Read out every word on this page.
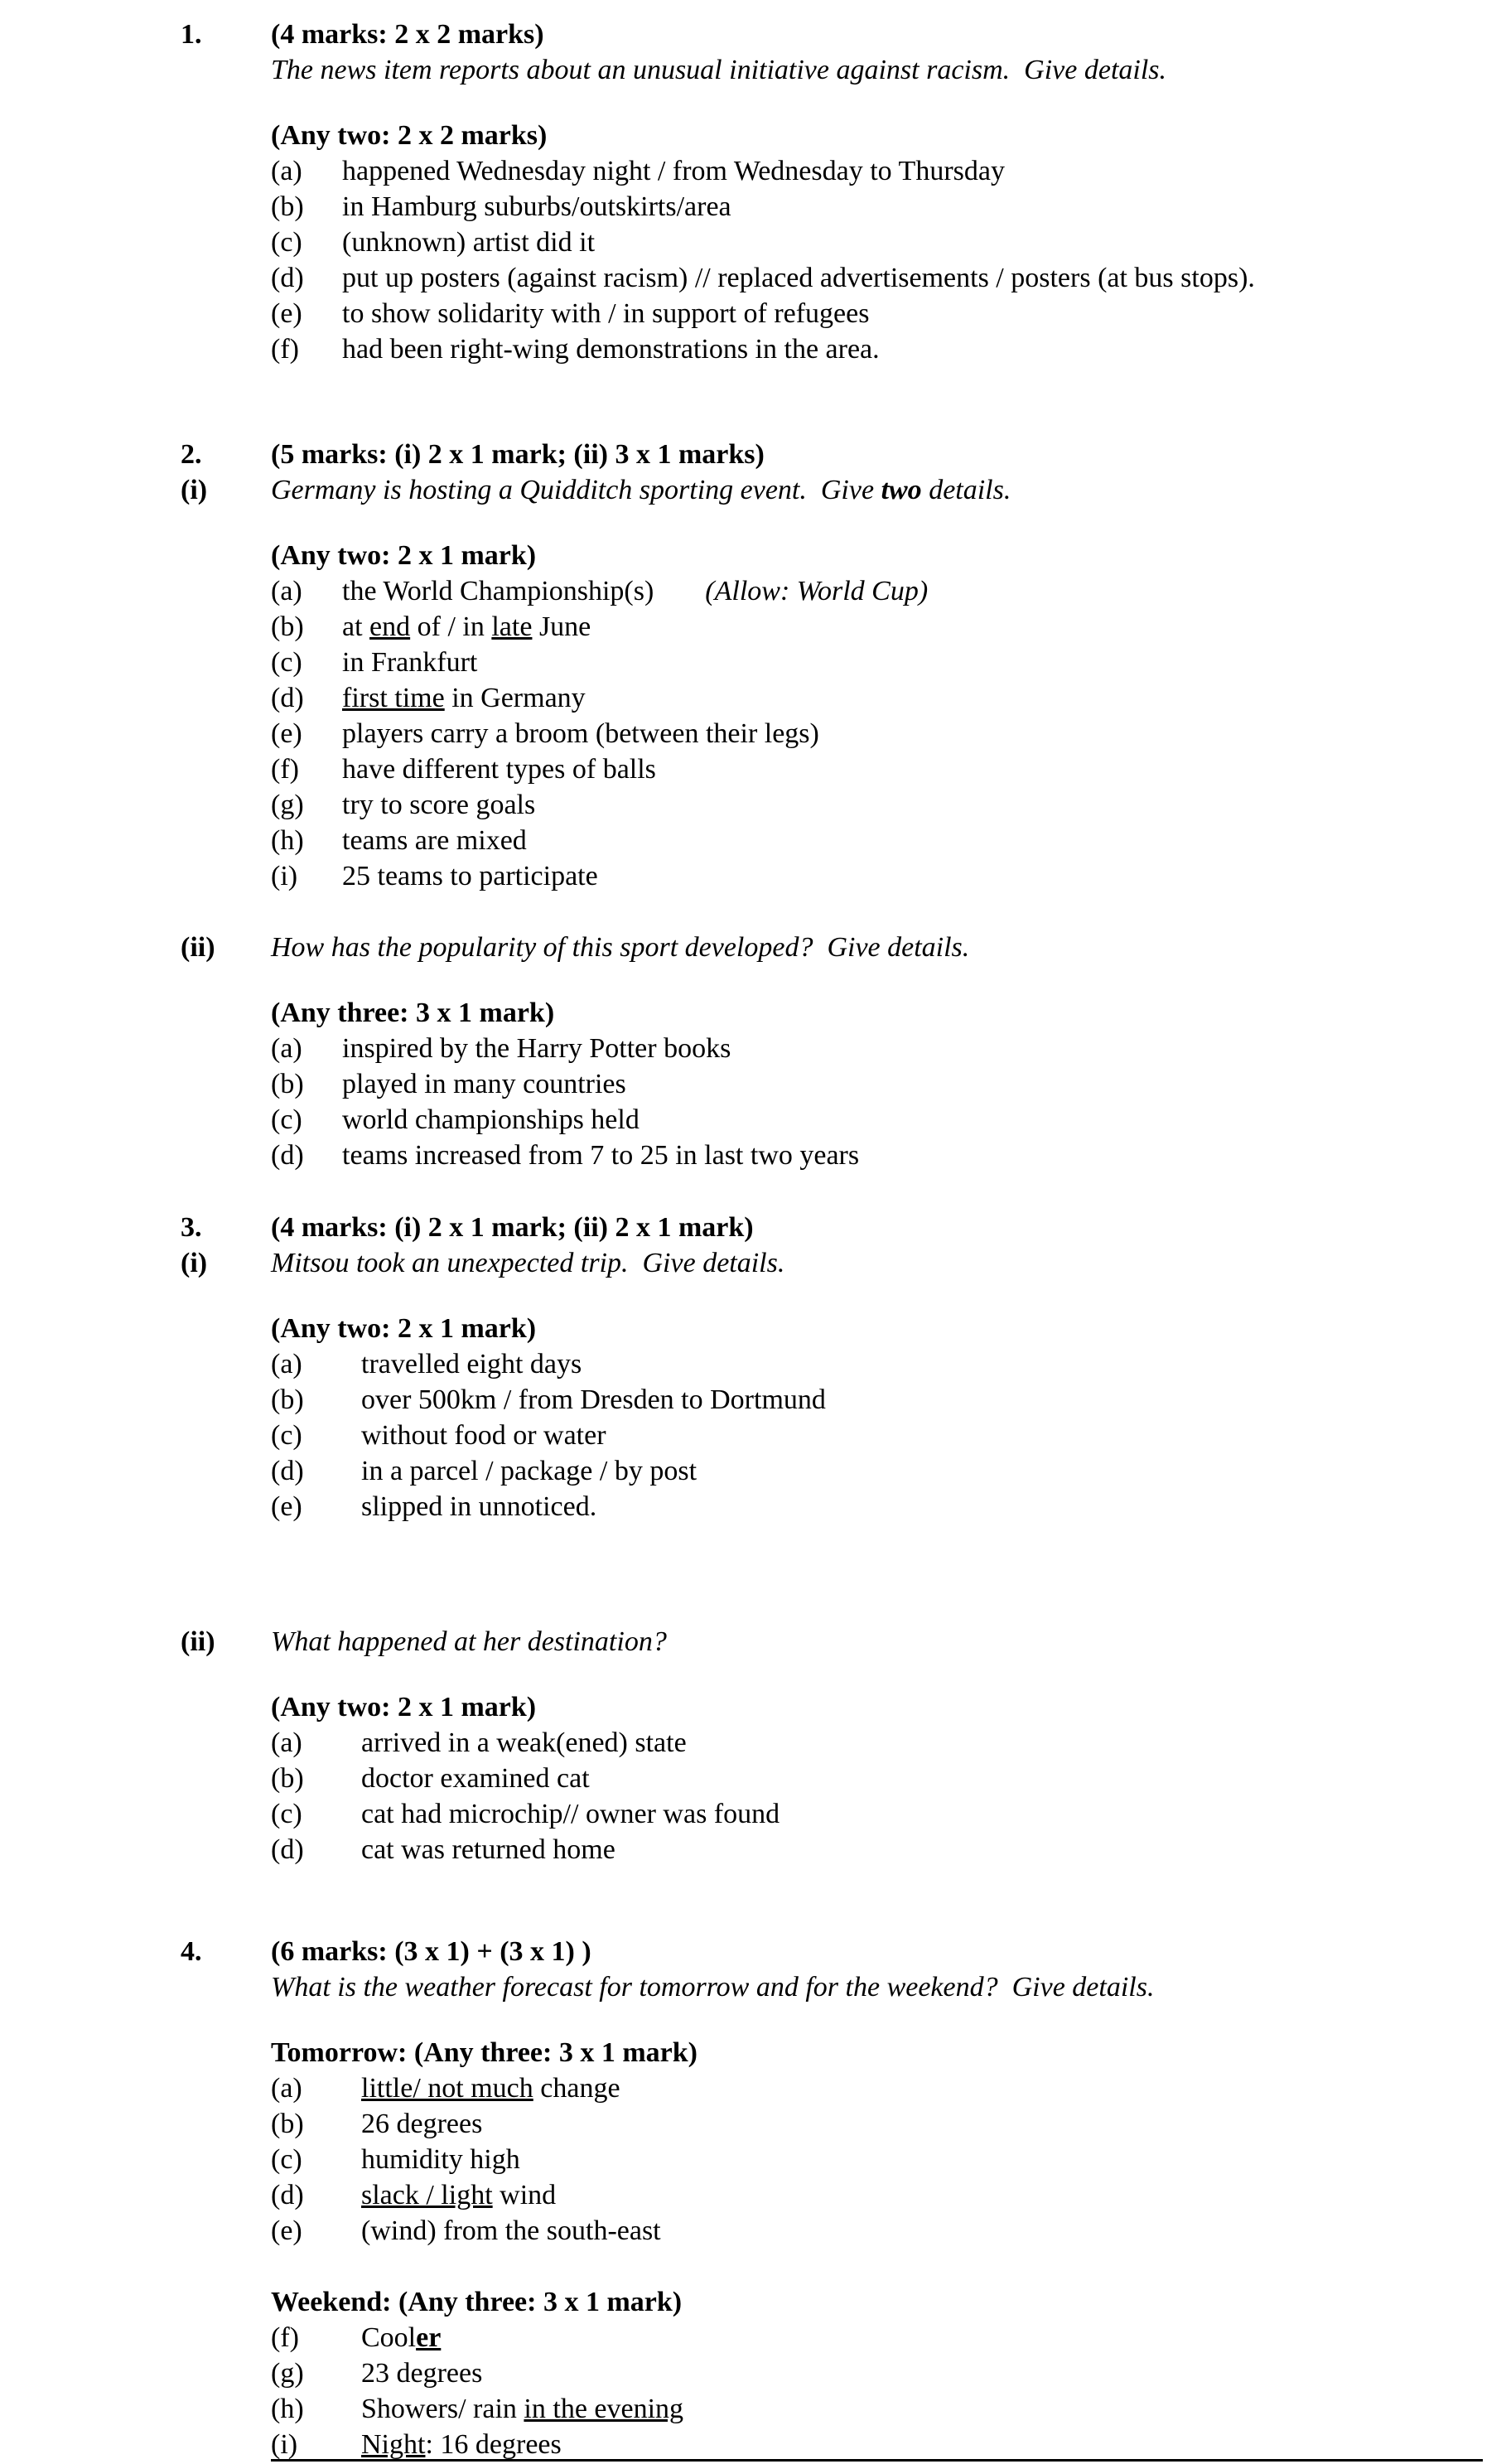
1.	(4 marks: 2 x 2 marks)
The news item reports about an unusual initiative against racism.  Give details.
(Any two: 2 x 2 marks)
(a)	happened Wednesday night / from Wednesday to Thursday
(b)	in Hamburg suburbs/outskirts/area
(c)	(unknown) artist did it
(d)	put up posters (against racism) // replaced advertisements / posters (at bus stops).
(e)	to show solidarity with / in support of refugees
(f)	had been right-wing demonstrations in the area.
2.	(5 marks: (i) 2 x 1 mark; (ii) 3 x 1 marks)
(i)	Germany is hosting a Quidditch sporting event.  Give two details.
(Any two: 2 x 1 mark)
(a)	the World Championship(s) (Allow: World Cup)
(b)	at end of / in late June
(c)	in Frankfurt
(d)	first time in Germany
(e)	players carry a broom (between their legs)
(f)	have different types of balls
(g)	try to score goals
(h)	teams are mixed
(i)	25 teams to participate
(ii)	How has the popularity of this sport developed?  Give details.
(Any three: 3 x 1 mark)
(a)	inspired by the Harry Potter books
(b)	played in many countries
(c)	world championships held
(d)	teams increased from 7 to 25 in last two years
3.	(4 marks: (i) 2 x 1 mark; (ii) 2 x 1 mark)
(i)	Mitsou took an unexpected trip.  Give details.
(Any two: 2 x 1 mark)
(a)	travelled eight days
(b)	over 500km / from Dresden to Dortmund
(c)	without food or water
(d)	in a parcel / package / by post
(e)	slipped in unnoticed.
(ii)	What happened at her destination?
(Any two: 2 x 1 mark)
(a)	arrived in a weak(ened) state
(b)	doctor examined cat
(c)	cat had microchip// owner was found
(d)	cat was returned home
4.	(6 marks: (3 x 1) + (3 x 1) )
What is the weather forecast for tomorrow and for the weekend?  Give details.
Tomorrow: (Any three: 3 x 1 mark)
(a)	little/ not much change
(b)	26 degrees
(c)	humidity high
(d)	slack / light wind
(e)	(wind) from the south-east
Weekend: (Any three: 3 x 1 mark)
(f)	Cooler
(g)	23 degrees
(h)	Showers/ rain in the evening
(i)	Night: 16 degrees
